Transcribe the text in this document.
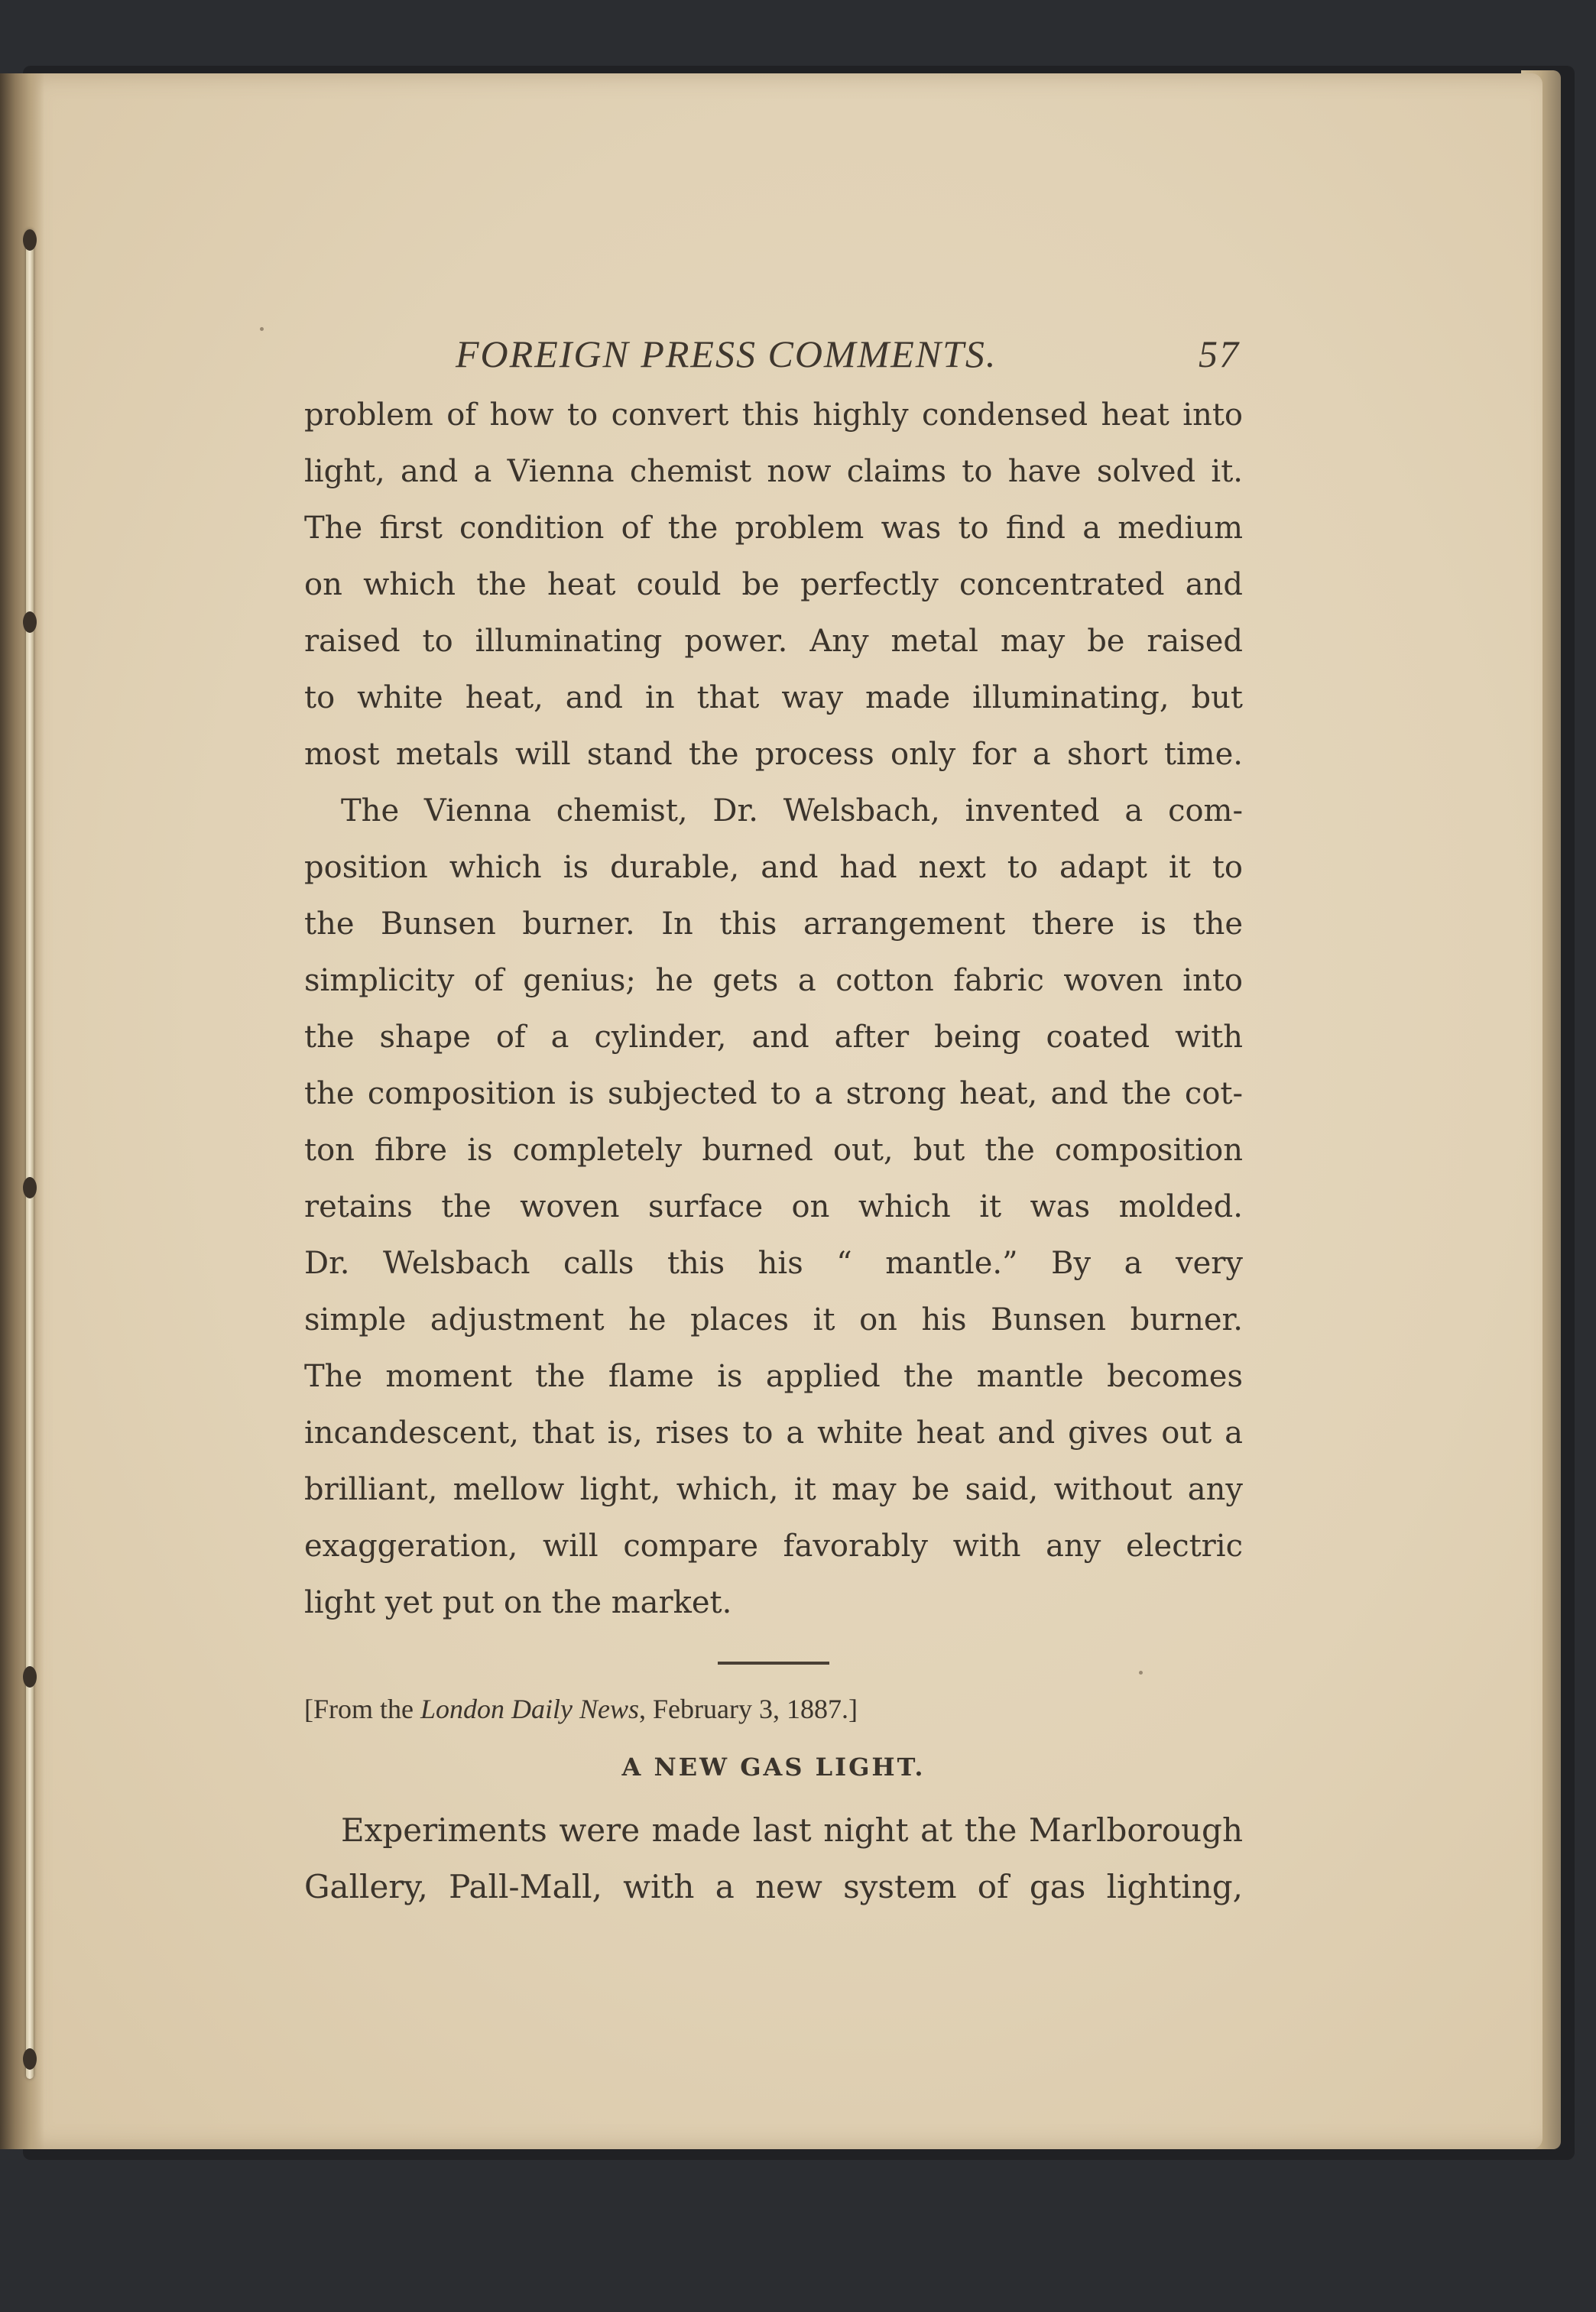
FOREIGN PRESS COMMENTS.	57

problem of how to convert this highly condensed heat into
light, and a Vienna chemist now claims to have solved it.
The first condition of the problem was to find a medium
on which the heat could be perfectly concentrated and
raised to illuminating power. Any metal may be raised
to white heat, and in that way made illuminating, but
most metals will stand the process only for a short time.

The Vienna chemist, Dr. Welsbach, invented a com-
position which is durable, and had next to adapt it to
the Bunsen burner. In this arrangement there is the
simplicity of genius; he gets a cotton fabric woven into
the shape of a cylinder, and after being coated with
the composition is subjected to a strong heat, and the cot-
ton fibre is completely burned out, but the composition
retains the woven surface on which it was molded.
Dr. Welsbach calls this his “ mantle.” By a very
simple adjustment he places it on his Bunsen burner.
The moment the flame is applied the mantle becomes
incandescent, that is, rises to a white heat and gives out a
brilliant, mellow light, which, it may be said, without any
exaggeration, will compare favorably with any electric
light yet put on the market.

[From the London Daily News, February 3, 1887.]
A NEW GAS LIGHT.

Experiments were made last night at the Marlborough
Gallery, Pall-Mall, with a new system of gas lighting,
